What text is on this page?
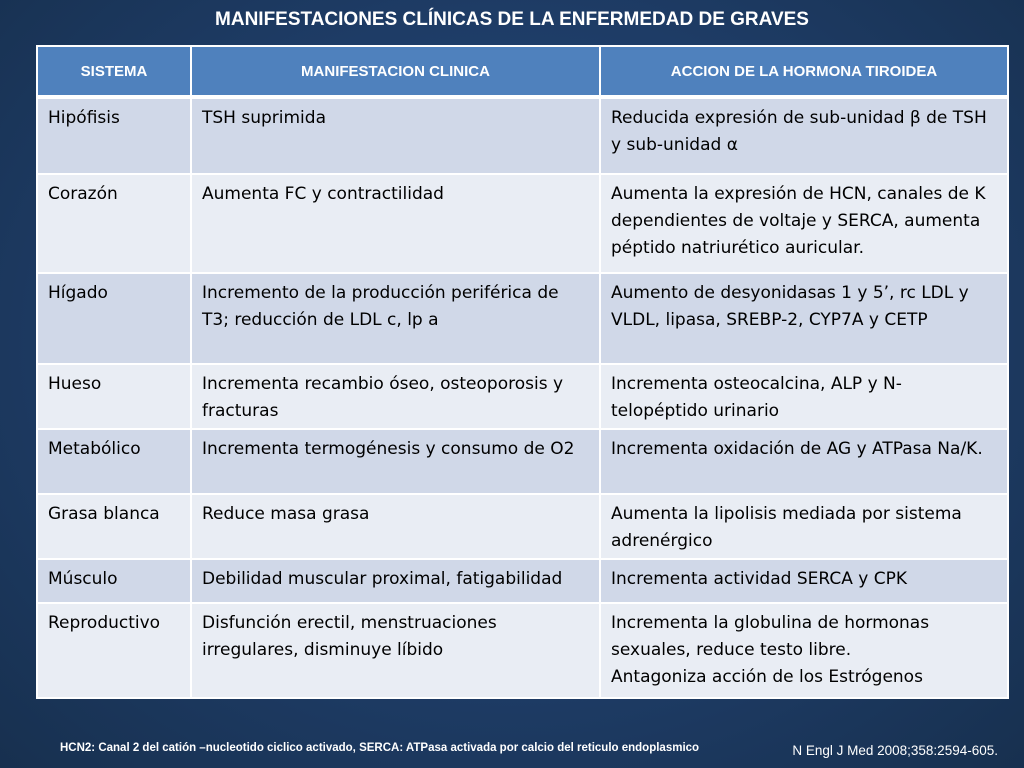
MANIFESTACIONES CLÍNICAS DE LA ENFERMEDAD DE GRAVES
SISTEMA	MANIFESTACION CLINICA	ACCION DE LA HORMONA TIROIDEA
Hipófisis	TSH suprimida	Reducida expresión de sub-unidad β de TSH y sub-unidad α
Corazón	Aumenta FC y contractilidad	Aumenta la expresión de HCN, canales de K dependientes de voltaje y SERCA, aumenta péptido natriurético auricular.
Hígado	Incremento de la producción periférica de T3; reducción de LDL c, lp a	Aumento de desyonidasas 1 y 5’, rc LDL y VLDL, lipasa, SREBP-2, CYP7A y CETP
Hueso	Incrementa recambio óseo, osteoporosis y fracturas	Incrementa osteocalcina, ALP y N-telopéptido urinario
Metabólico	Incrementa termogénesis y consumo de O2	Incrementa oxidación de AG y ATPasa Na/K.
Grasa blanca	Reduce masa grasa	Aumenta la lipolisis mediada por sistema adrenérgico
Músculo	Debilidad muscular proximal, fatigabilidad	Incrementa actividad SERCA y CPK
Reproductivo	Disfunción erectil, menstruaciones irregulares, disminuye líbido	Incrementa la globulina de hormonas sexuales, reduce testo libre.
Antagoniza acción de los Estrógenos
HCN2: Canal 2 del catión –nucleotido ciclico activado, SERCA: ATPasa activada por calcio del reticulo endoplasmico	N Engl J Med 2008;358:2594-605.
